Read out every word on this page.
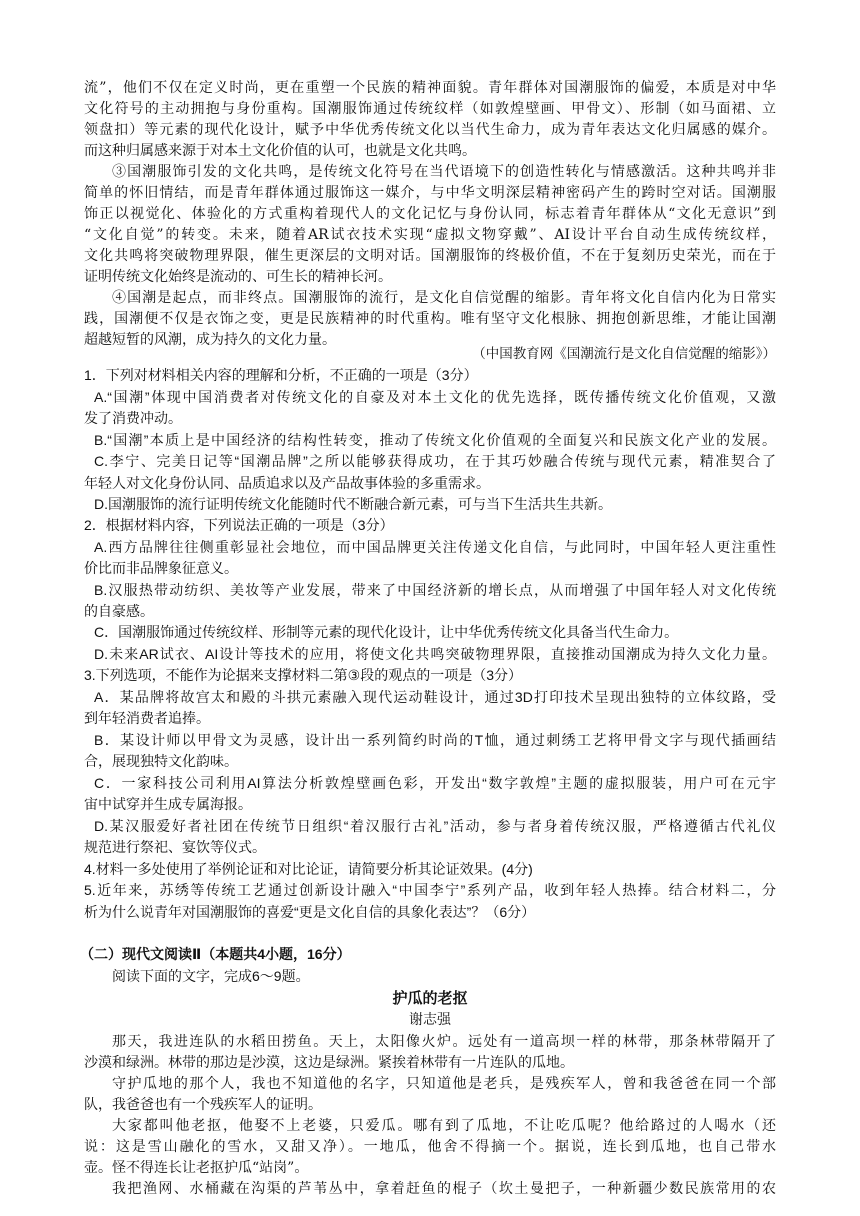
流”，他们不仅在定义时尚，更在重塑一个民族的精神面貌。青年群体对国潮服饰的偏爱，本质是对中华
文化符号的主动拥抱与身份重构。国潮服饰通过传统纹样（如敦煌壁画、甲骨文）、形制（如马面裙、立
领盘扣）等元素的现代化设计，赋予中华优秀传统文化以当代生命力，成为青年表达文化归属感的媒介。
而这种归属感来源于对本土文化价值的认可，也就是文化共鸣。
③国潮服饰引发的文化共鸣，是传统文化符号在当代语境下的创造性转化与情感激活。这种共鸣并非
简单的怀旧情结，而是青年群体通过服饰这一媒介，与中华文明深层精神密码产生的跨时空对话。国潮服
饰正以视觉化、体验化的方式重构着现代人的文化记忆与身份认同，标志着青年群体从“文化无意识”到
“文化自觉”的转变。未来，随着AR试衣技术实现“虚拟文物穿戴”、AI设计平台自动生成传统纹样，
文化共鸣将突破物理界限，催生更深层的文明对话。国潮服饰的终极价值，不在于复刻历史荣光，而在于
证明传统文化始终是流动的、可生长的精神长河。
④国潮是起点，而非终点。国潮服饰的流行，是文化自信觉醒的缩影。青年将文化自信内化为日常实
践，国潮便不仅是衣饰之变，更是民族精神的时代重构。唯有坚守文化根脉、拥抱创新思维，才能让国潮
超越短暂的风潮，成为持久的文化力量。
（中国教育网《国潮流行是文化自信觉醒的缩影》）
1．下列对材料相关内容的理解和分析，不正确的一项是（3分）
A.“国潮”体现中国消费者对传统文化的自豪及对本土文化的优先选择，既传播传统文化价值观，又激
发了消费冲动。
B.“国潮”本质上是中国经济的结构性转变，推动了传统文化价值观的全面复兴和民族文化产业的发展。
C.李宁、完美日记等“国潮品牌”之所以能够获得成功，在于其巧妙融合传统与现代元素，精准契合了
年轻人对文化身份认同、品质追求以及产品故事体验的多重需求。
D.国潮服饰的流行证明传统文化能随时代不断融合新元素，可与当下生活共生共新。
2．根据材料内容，下列说法正确的一项是（3分）
A.西方品牌往往侧重彰显社会地位，而中国品牌更关注传递文化自信，与此同时，中国年轻人更注重性
价比而非品牌象征意义。
B.汉服热带动纺织、美妆等产业发展，带来了中国经济新的增长点，从而增强了中国年轻人对文化传统
的自豪感。
C．国潮服饰通过传统纹样、形制等元素的现代化设计，让中华优秀传统文化具备当代生命力。
D.未来AR试衣、AI设计等技术的应用，将使文化共鸣突破物理界限，直接推动国潮成为持久文化力量。
3.下列选项，不能作为论据来支撑材料二第③段的观点的一项是（3分）
A．某品牌将故宫太和殿的斗拱元素融入现代运动鞋设计，通过3D打印技术呈现出独特的立体纹路，受
到年轻消费者追捧。
B．某设计师以甲骨文为灵感，设计出一系列简约时尚的T恤，通过刺绣工艺将甲骨文字与现代插画结
合，展现独特文化韵味。
C．一家科技公司利用AI算法分析敦煌壁画色彩，开发出“数字敦煌”主题的虚拟服装，用户可在元宇
宙中试穿并生成专属海报。
D.某汉服爱好者社团在传统节日组织“着汉服行古礼”活动，参与者身着传统汉服，严格遵循古代礼仪
规范进行祭祀、宴饮等仪式。
4.材料一多处使用了举例论证和对比论证，请简要分析其论证效果。(4分)
5.近年来，苏绣等传统工艺通过创新设计融入“中国李宁”系列产品，收到年轻人热捧。结合材料二，分
析为什么说青年对国潮服饰的喜爱“更是文化自信的具象化表达”？（6分）
（二）现代文阅读Ⅱ（本题共4小题，16分）
阅读下面的文字，完成6～9题。
护瓜的老抠
谢志强
那天，我进连队的水稻田捞鱼。天上，太阳像火炉。远处有一道高坝一样的林带，那条林带隔开了
沙漠和绿洲。林带的那边是沙漠，这边是绿洲。紧挨着林带有一片连队的瓜地。
守护瓜地的那个人，我也不知道他的名字，只知道他是老兵，是残疾军人，曾和我爸爸在同一个部
队，我爸爸也有一个残疾军人的证明。
大家都叫他老抠，他娶不上老婆，只爱瓜。哪有到了瓜地，不让吃瓜呢？他给路过的人喝水（还
说：这是雪山融化的雪水，又甜又净）。一地瓜，他舍不得摘一个。据说，连长到瓜地，也自己带水
壶。怪不得连长让老抠护瓜“站岗”。
我把渔网、水桶藏在沟渠的芦苇丛中，拿着赶鱼的棍子（坎土曼把子，一种新疆少数民族常用的农
